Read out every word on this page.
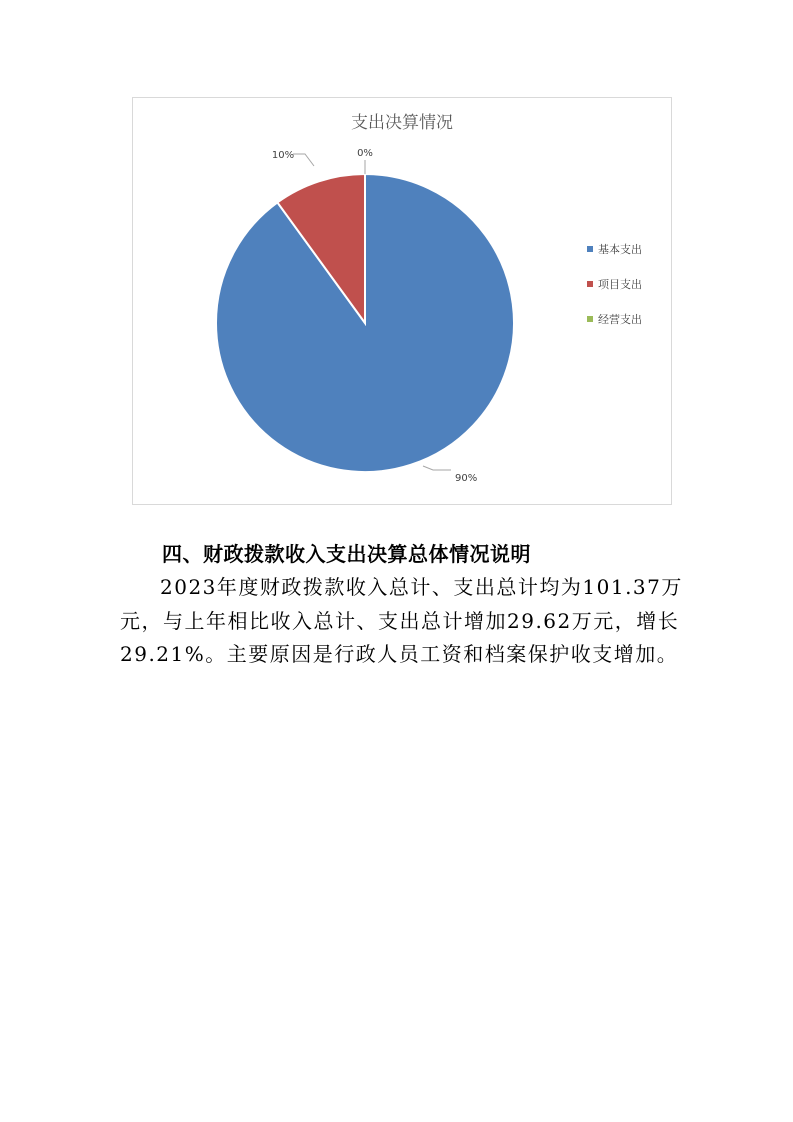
支出决算情况
90%
10%	0%
基本支出
项目支出
经营支出
四、财政拨款收入支出决算总体情况说明

2023年度财政拨款收入总计、支出总计均为101.37万

元，与上年相比收入总计、支出总计增加29.62万元，增长

29.21%。主要原因是行政人员工资和档案保护收支增加。
